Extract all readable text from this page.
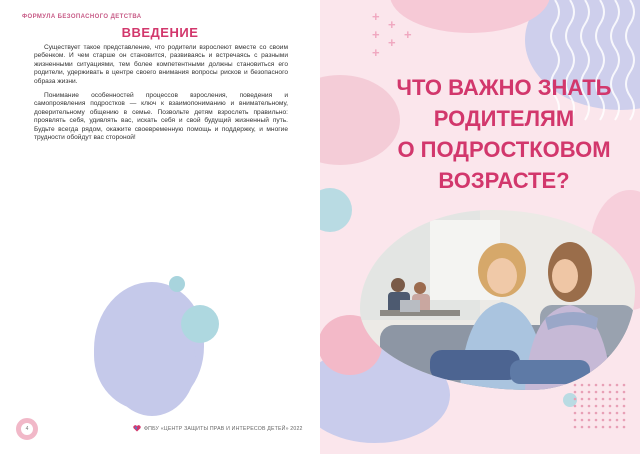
ФОРМУЛА БЕЗОПАСНОГО ДЕТСТВА
ВВЕДЕНИЕ

Существует такое представление, что родители взрослеют вместе со своим ребенком. И чем старше он становится, развиваясь и встречаясь с разными жизненными ситуациями, тем более компетентными должны становиться его родители, удерживать в центре своего внимания вопросы рисков и безопасного образа жизни.

Понимание особенностей процессов взросления, поведения и самопроявления подростков — ключ к взаимопониманию и внимательному, доверительному общению в семье. Позвольте детям взрослеть правильно: проявлять себя, удивлять вас, искать себя и свой будущий жизненный путь. Будьте всегда рядом, окажите своевременную помощь и поддержку, и многие трудности обойдут вас стороной!

4	ФПБУ «ЦЕНТР ЗАЩИТЫ ПРАВ И ИНТЕРЕСОВ ДЕТЕЙ» 2022
+
+
+
+
+
+
ЧТО ВАЖНО ЗНАТЬ
РОДИТЕЛЯМ
О ПОДРОСТКОВОМ
ВОЗРАСТЕ?
